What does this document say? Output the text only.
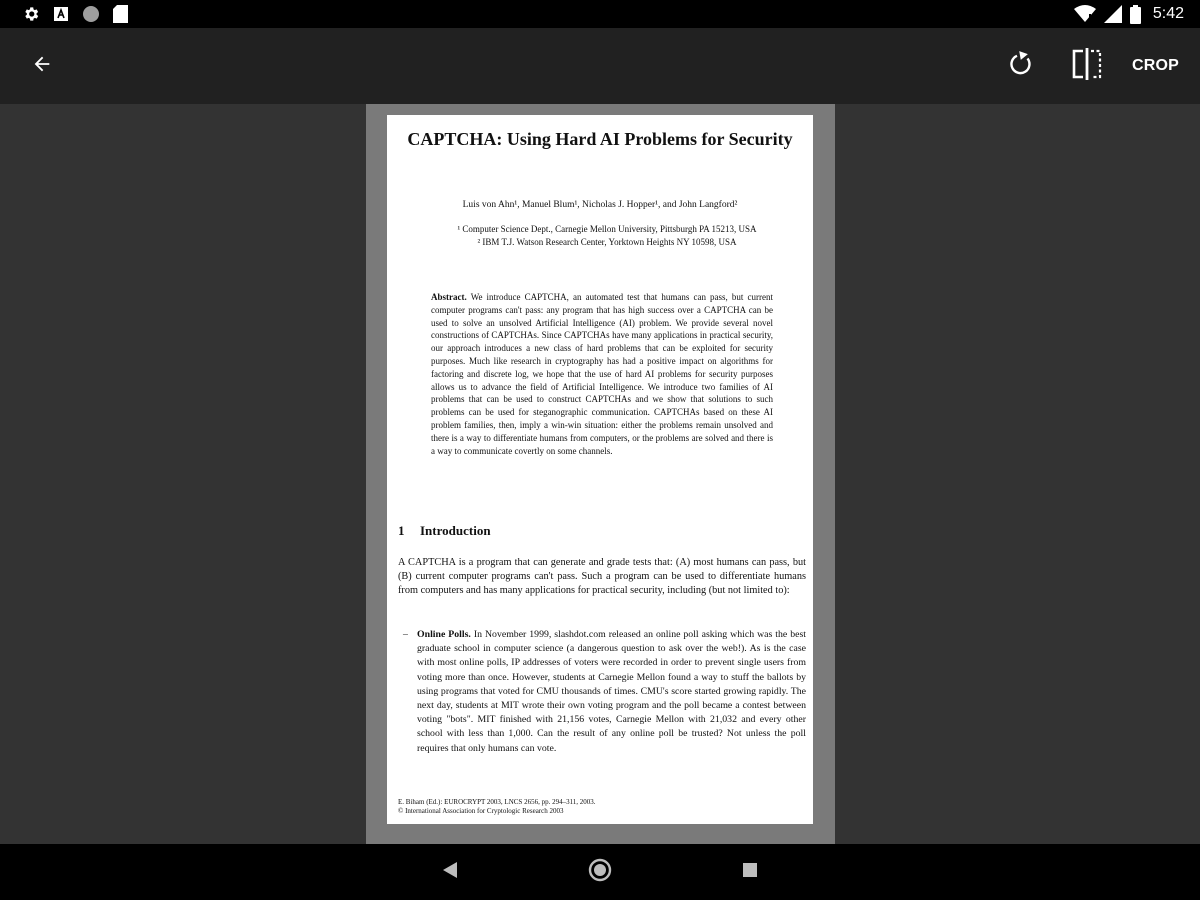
5:42
CROP
CAPTCHA: Using Hard AI Problems for Security
Luis von Ahn¹, Manuel Blum¹, Nicholas J. Hopper¹, and John Langford²
¹ Computer Science Dept., Carnegie Mellon University, Pittsburgh PA 15213, USA
² IBM T.J. Watson Research Center, Yorktown Heights NY 10598, USA
Abstract. We introduce CAPTCHA, an automated test that humans can pass, but current computer programs can't pass: any program that has high success over a CAPTCHA can be used to solve an unsolved Artificial Intelligence (AI) problem. We provide several novel constructions of CAPTCHAs. Since CAPTCHAs have many applications in practical security, our approach introduces a new class of hard problems that can be exploited for security purposes. Much like research in cryptography has had a positive impact on algorithms for factoring and discrete log, we hope that the use of hard AI problems for security purposes allows us to advance the field of Artificial Intelligence. We introduce two families of AI problems that can be used to construct CAPTCHAs and we show that solutions to such problems can be used for steganographic communication. CAPTCHAs based on these AI problem families, then, imply a win-win situation: either the problems remain unsolved and there is a way to differentiate humans from computers, or the problems are solved and there is a way to communicate covertly on some channels.
1 Introduction
A CAPTCHA is a program that can generate and grade tests that: (A) most humans can pass, but (B) current computer programs can't pass. Such a program can be used to differentiate humans from computers and has many applications for practical security, including (but not limited to):
– Online Polls. In November 1999, slashdot.com released an online poll asking which was the best graduate school in computer science (a dangerous question to ask over the web!). As is the case with most online polls, IP addresses of voters were recorded in order to prevent single users from voting more than once. However, students at Carnegie Mellon found a way to stuff the ballots by using programs that voted for CMU thousands of times. CMU's score started growing rapidly. The next day, students at MIT wrote their own voting program and the poll became a contest between voting "bots". MIT finished with 21,156 votes, Carnegie Mellon with 21,032 and every other school with less than 1,000. Can the result of any online poll be trusted? Not unless the poll requires that only humans can vote.
E. Biham (Ed.): EUROCRYPT 2003, LNCS 2656, pp. 294–311, 2003.
© International Association for Cryptologic Research 2003
